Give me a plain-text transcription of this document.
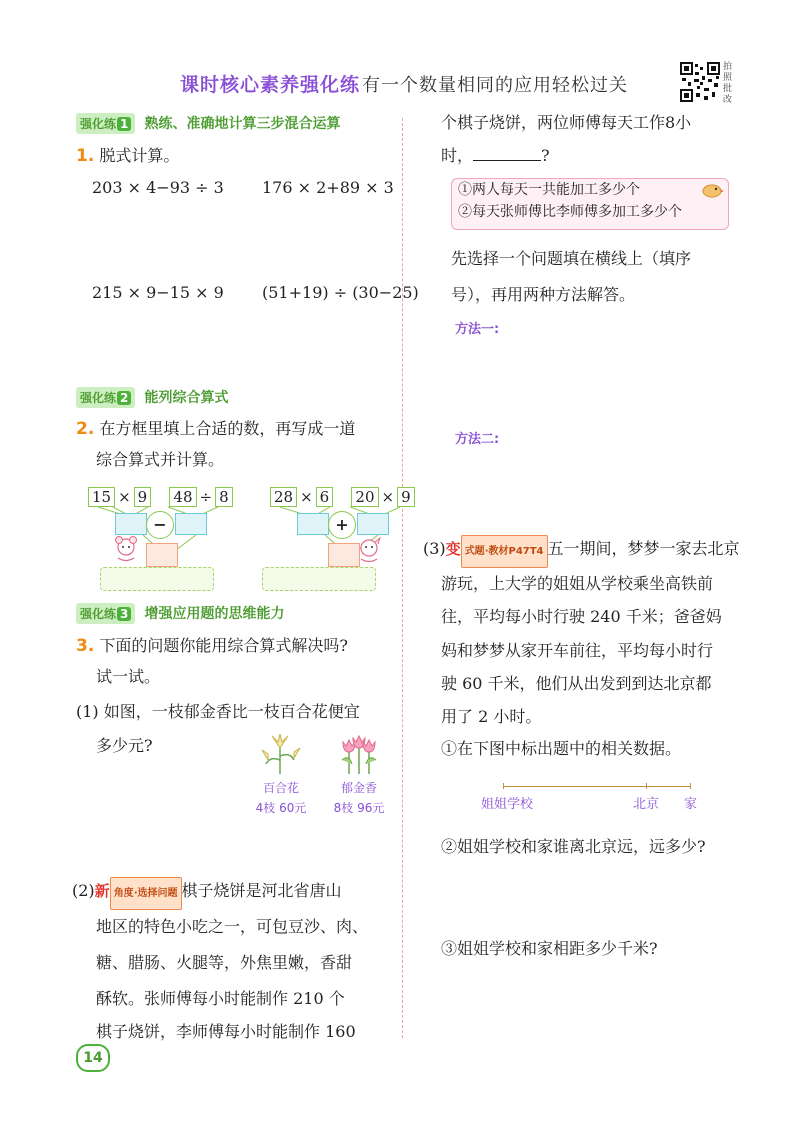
课时核心素养强化练 有一个数量相同的应用轻松过关
拍照批改
强化练 1 熟练、准确地计算三步混合运算
1. 脱式计算。
203 × 4−93 ÷ 3 176 × 2+89 × 3
215 × 9−15 × 9 (51+19) ÷ (30−25)
强化练 2 能列综合算式
2. 在方框里填上合适的数，再写成一道
综合算式并计算。
15 × 9 48 ÷ 8
−
28 × 6 20 × 9
+
强化练 3 增强应用题的思维能力
3. 下面的问题你能用综合算式解决吗?
试一试。
(1) 如图，一枝郁金香比一枝百合花便宜
多少元?
百合花
4枝 60元
郁金香
8枝 96元
(2)新 角度·选择问题 棋子烧饼是河北省唐山
地区的特色小吃之一，可包豆沙、肉、
糖、腊肠、火腿等，外焦里嫩，香甜
酥软。张师傅每小时能制作 210 个
棋子烧饼，李师傅每小时能制作 160
个棋子烧饼，两位师傅每天工作8小
时，	?
①两人每天一共能加工多少个
②每天张师傅比李师傅多加工多少个
先选择一个问题填在横线上（填序
号），再用两种方法解答。
方法一:
方法二:
(3)变 式题·教材P47T4 五一期间，梦梦一家去北京
游玩，上大学的姐姐从学校乘坐高铁前
往，平均每小时行驶 240 千米；爸爸妈
妈和梦梦从家开车前往，平均每小时行
驶 60 千米，他们从出发到到达北京都
用了 2 小时。
①在下图中标出题中的相关数据。
姐姐学校	北京 家
②姐姐学校和家谁离北京远，远多少?
③姐姐学校和家相距多少千米?
14
